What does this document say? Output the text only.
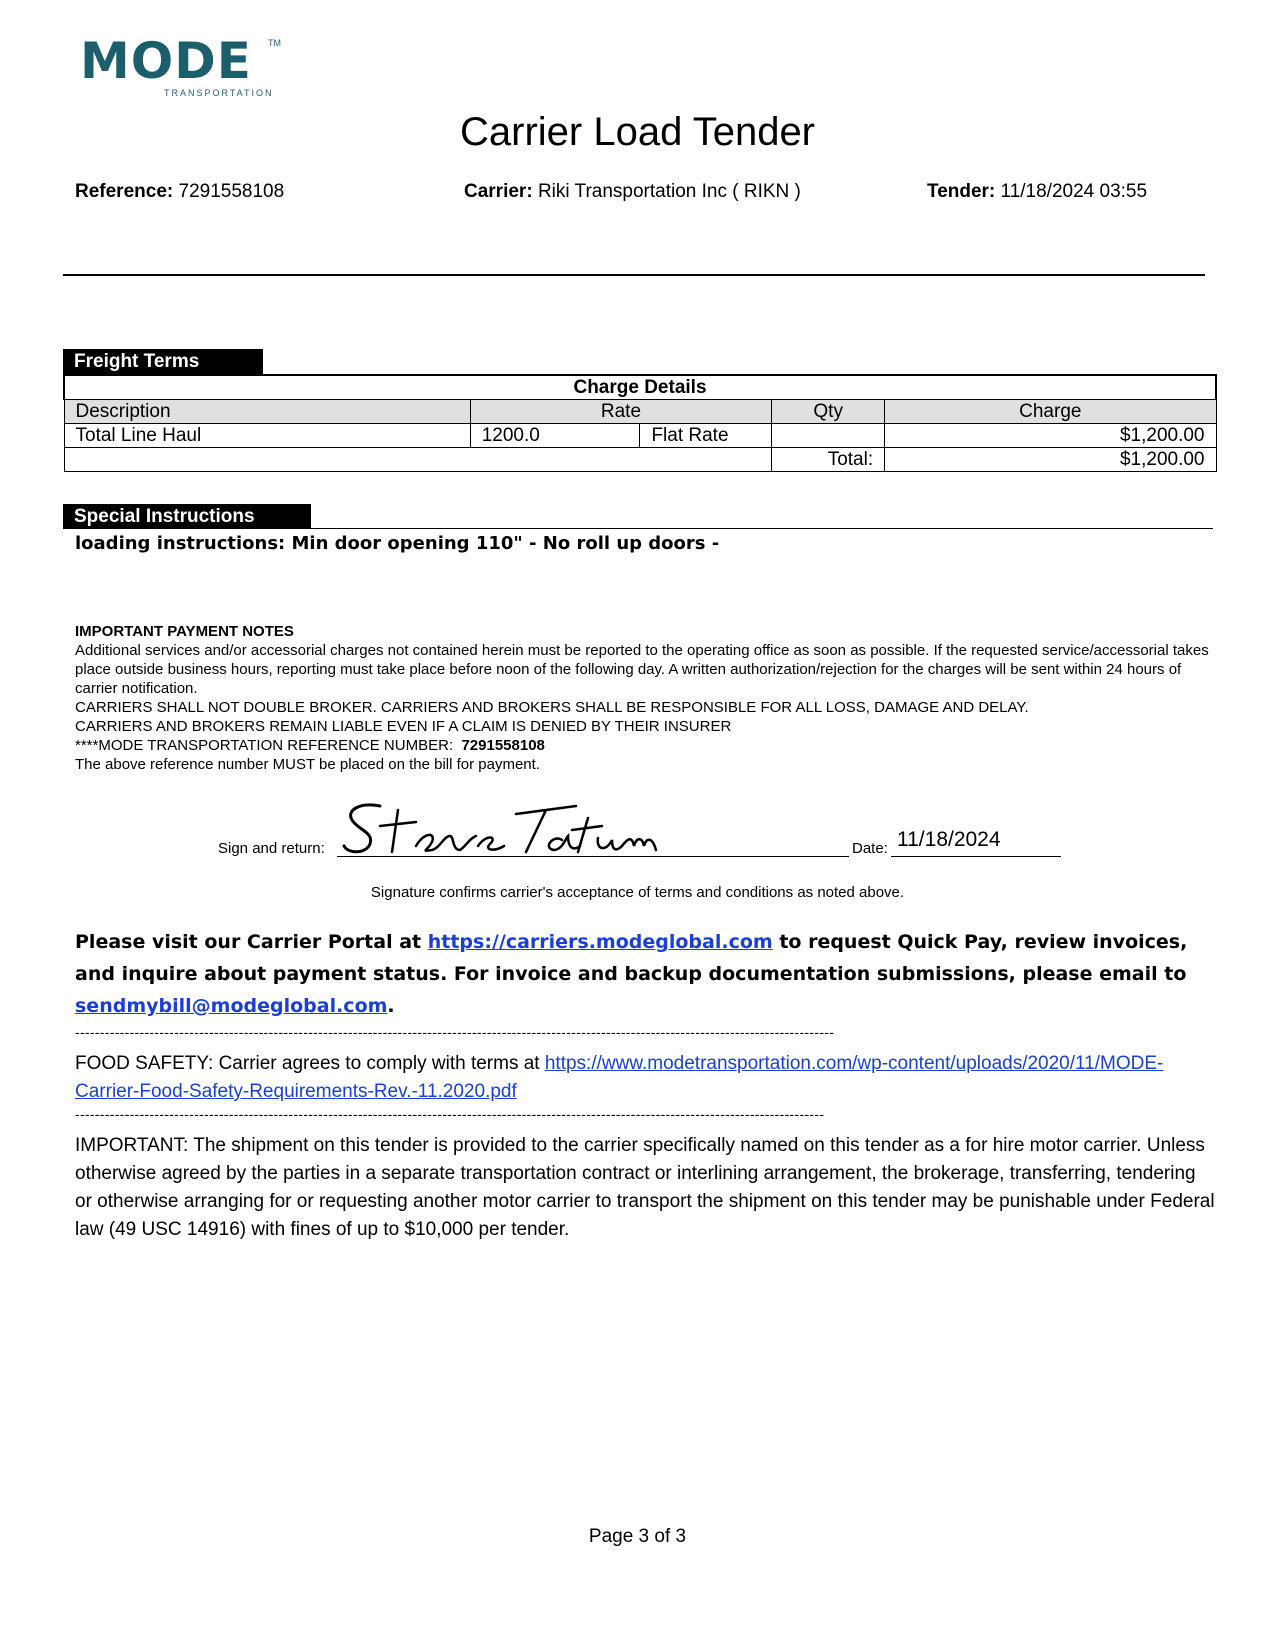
MODE TM
TRANSPORTATION
Carrier Load Tender
Reference: 7291558108	Carrier: Riki Transportation Inc ( RIKN )	Tender: 11/18/2024 03:55
Freight Terms
Charge Details				
Description	Rate		Qty	Charge
Total Line Haul	1200.0	Flat Rate		$1,200.00
			Total:	$1,200.00
Special Instructions
loading instructions: Min door opening 110" - No roll up doors -
IMPORTANT PAYMENT NOTES
Additional services and/or accessorial charges not contained herein must be reported to the operating office as soon as possible. If the requested service/accessorial takes place outside business hours, reporting must take place before noon of the following day. A written authorization/rejection for the charges will be sent within 24 hours of carrier notification.
CARRIERS SHALL NOT DOUBLE BROKER. CARRIERS AND BROKERS SHALL BE RESPONSIBLE FOR ALL LOSS, DAMAGE AND DELAY.
CARRIERS AND BROKERS REMAIN LIABLE EVEN IF A CLAIM IS DENIED BY THEIR INSURER
****MODE TRANSPORTATION REFERENCE NUMBER: 7291558108
The above reference number MUST be placed on the bill for payment.
Sign and return:	Date: 11/18/2024
Signature confirms carrier's acceptance of terms and conditions as noted above.
Please visit our Carrier Portal at https://carriers.modeglobal.com to request Quick Pay, review invoices, and inquire about payment status. For invoice and backup documentation submissions, please email to sendmybill@modeglobal.com.
---------------------------------------------------------------------------------------------------------------------------------------------------------
FOOD SAFETY: Carrier agrees to comply with terms at https://www.modetransportation.com/wp-content/uploads/2020/11/MODE-Carrier-Food-Safety-Requirements-Rev.-11.2020.pdf
-------------------------------------------------------------------------------------------------------------------------------------------------------
IMPORTANT: The shipment on this tender is provided to the carrier specifically named on this tender as a for hire motor carrier. Unless otherwise agreed by the parties in a separate transportation contract or interlining arrangement, the brokerage, transferring, tendering or otherwise arranging for or requesting another motor carrier to transport the shipment on this tender may be punishable under Federal law (49 USC 14916) with fines of up to $10,000 per tender.
Page 3 of 3
